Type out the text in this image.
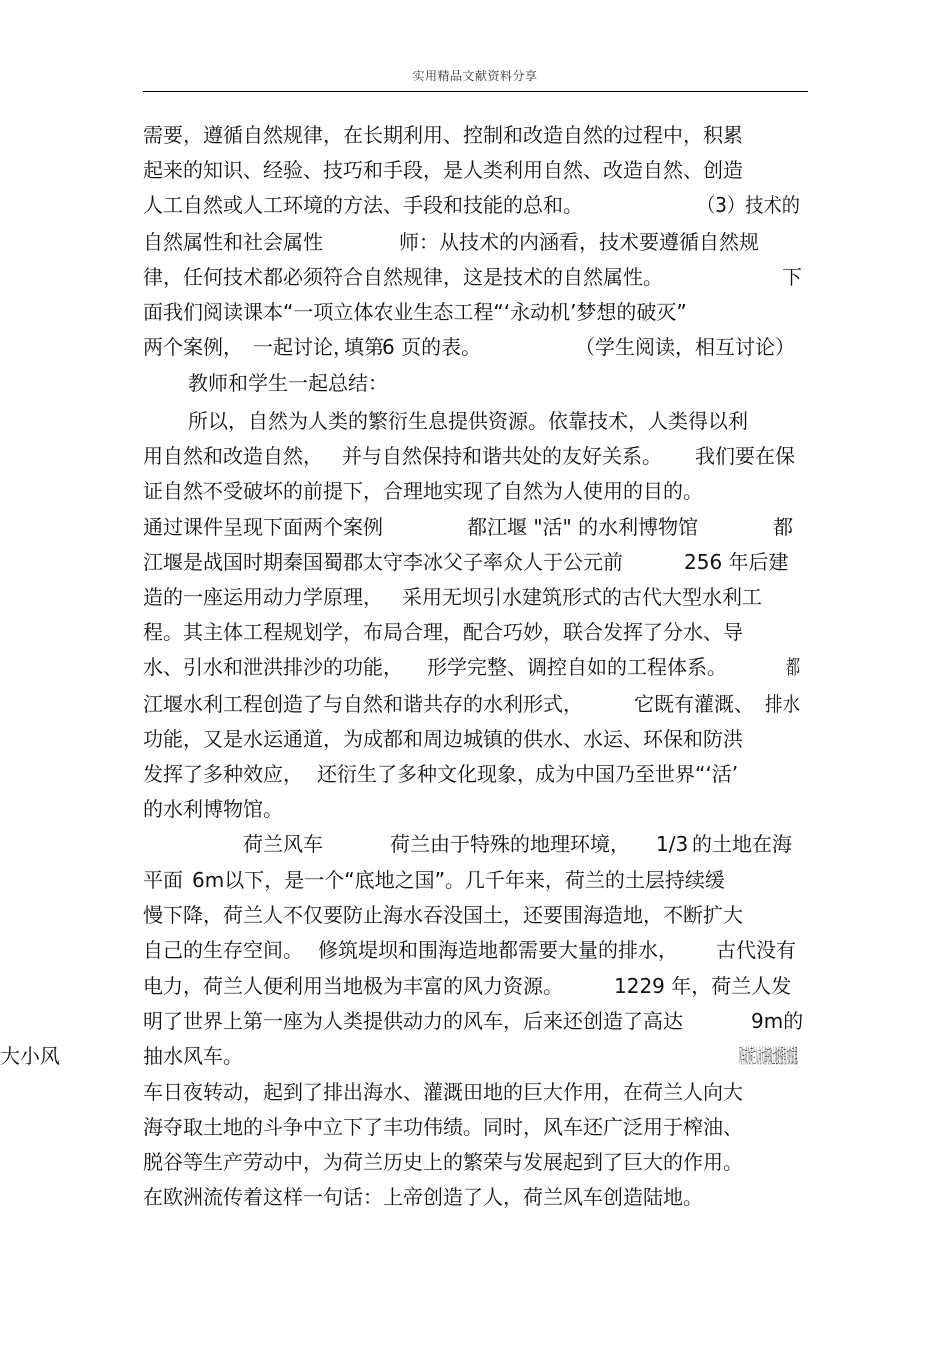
实用精品文献资料分享
需要，遵循自然规律，在长期利用、控制和改造自然的过程中，积累
起来的知识、经验、技巧和手段，是人类利用自然、改造自然、创造
人工自然或人工环境的方法、手段和技能的总和。	（3）技术的
自然属性和社会属性	师：从技术的内涵看，技术要遵循自然规
律，任何技术都必须符合自然规律，这是技术的自然属性。	下
面我们阅读课本“一项立体农业生态工程“‘永动机’梦想的破灭”
两个案例， 一起讨论，
填第
6 页的表。	（学生阅读， 相互讨论）
教师和学生一起总结：
所以，自然为人类的繁衍生息提供资源。依靠技术，人类得以利
用自然和改造自然， 并与自然保持和谐共处的友好关系。 我们要在保
证自然不受破坏的前提下，合理地实现了自然为人使用的目的。
通过课件呈现下面两个案例	都江堰 "活" 的水利博物馆	都
江堰是战国时期秦国蜀郡太守李冰父子率众人于公元前	256 年后建
造的一座运用动力学原理， 采用无坝引水建筑形式的古代大型水利工
程。其主体工程规划学，布局合理，配合巧妙，联合发挥了分水、导
水、引水和泄洪排沙的功能， 形学完整、调控自如的工程体系。	都
江堰水利工程创造了与自然和谐共存的水利形式，	它既有灌溉、 排水
功能，又是水运通道，为成都和周边城镇的供水、水运、环保和防洪
发挥了多种效应， 还衍生了多种文化现象，
成为中国乃至世界“‘活’
的水利博物馆。
荷兰风车	荷兰由于特殊的地理环境， 1/3 的土地在海
平面 6m以下，是一个“底地之国”。几千年来，荷兰的土层持续缓
慢下降，荷兰人不仅要防止海水吞没国土，还要围海造地，不断扩大
自己的生存空间。 修筑堤坝和围海造地都需要大量的排水， 古代没有
电力，荷兰人便利用当地极为丰富的风力资源。	1229 年，荷兰人发
明了世界上第一座为人类提供动力的风车，后来还创造了高达	9m的
抽水风车。	风车成为荷兰人向大海夺取土地的强有力的武器，
大小风
车日夜转动，起到了排出海水、灌溉田地的巨大作用，在荷兰人向大
海夺取土地的斗争中立下了丰功伟绩。同时，风车还广泛用于榨油、
脱谷等生产劳动中，为荷兰历史上的繁荣与发展起到了巨大的作用。
在欧洲流传着这样一句话：上帝创造了人，荷兰风车创造陆地。
